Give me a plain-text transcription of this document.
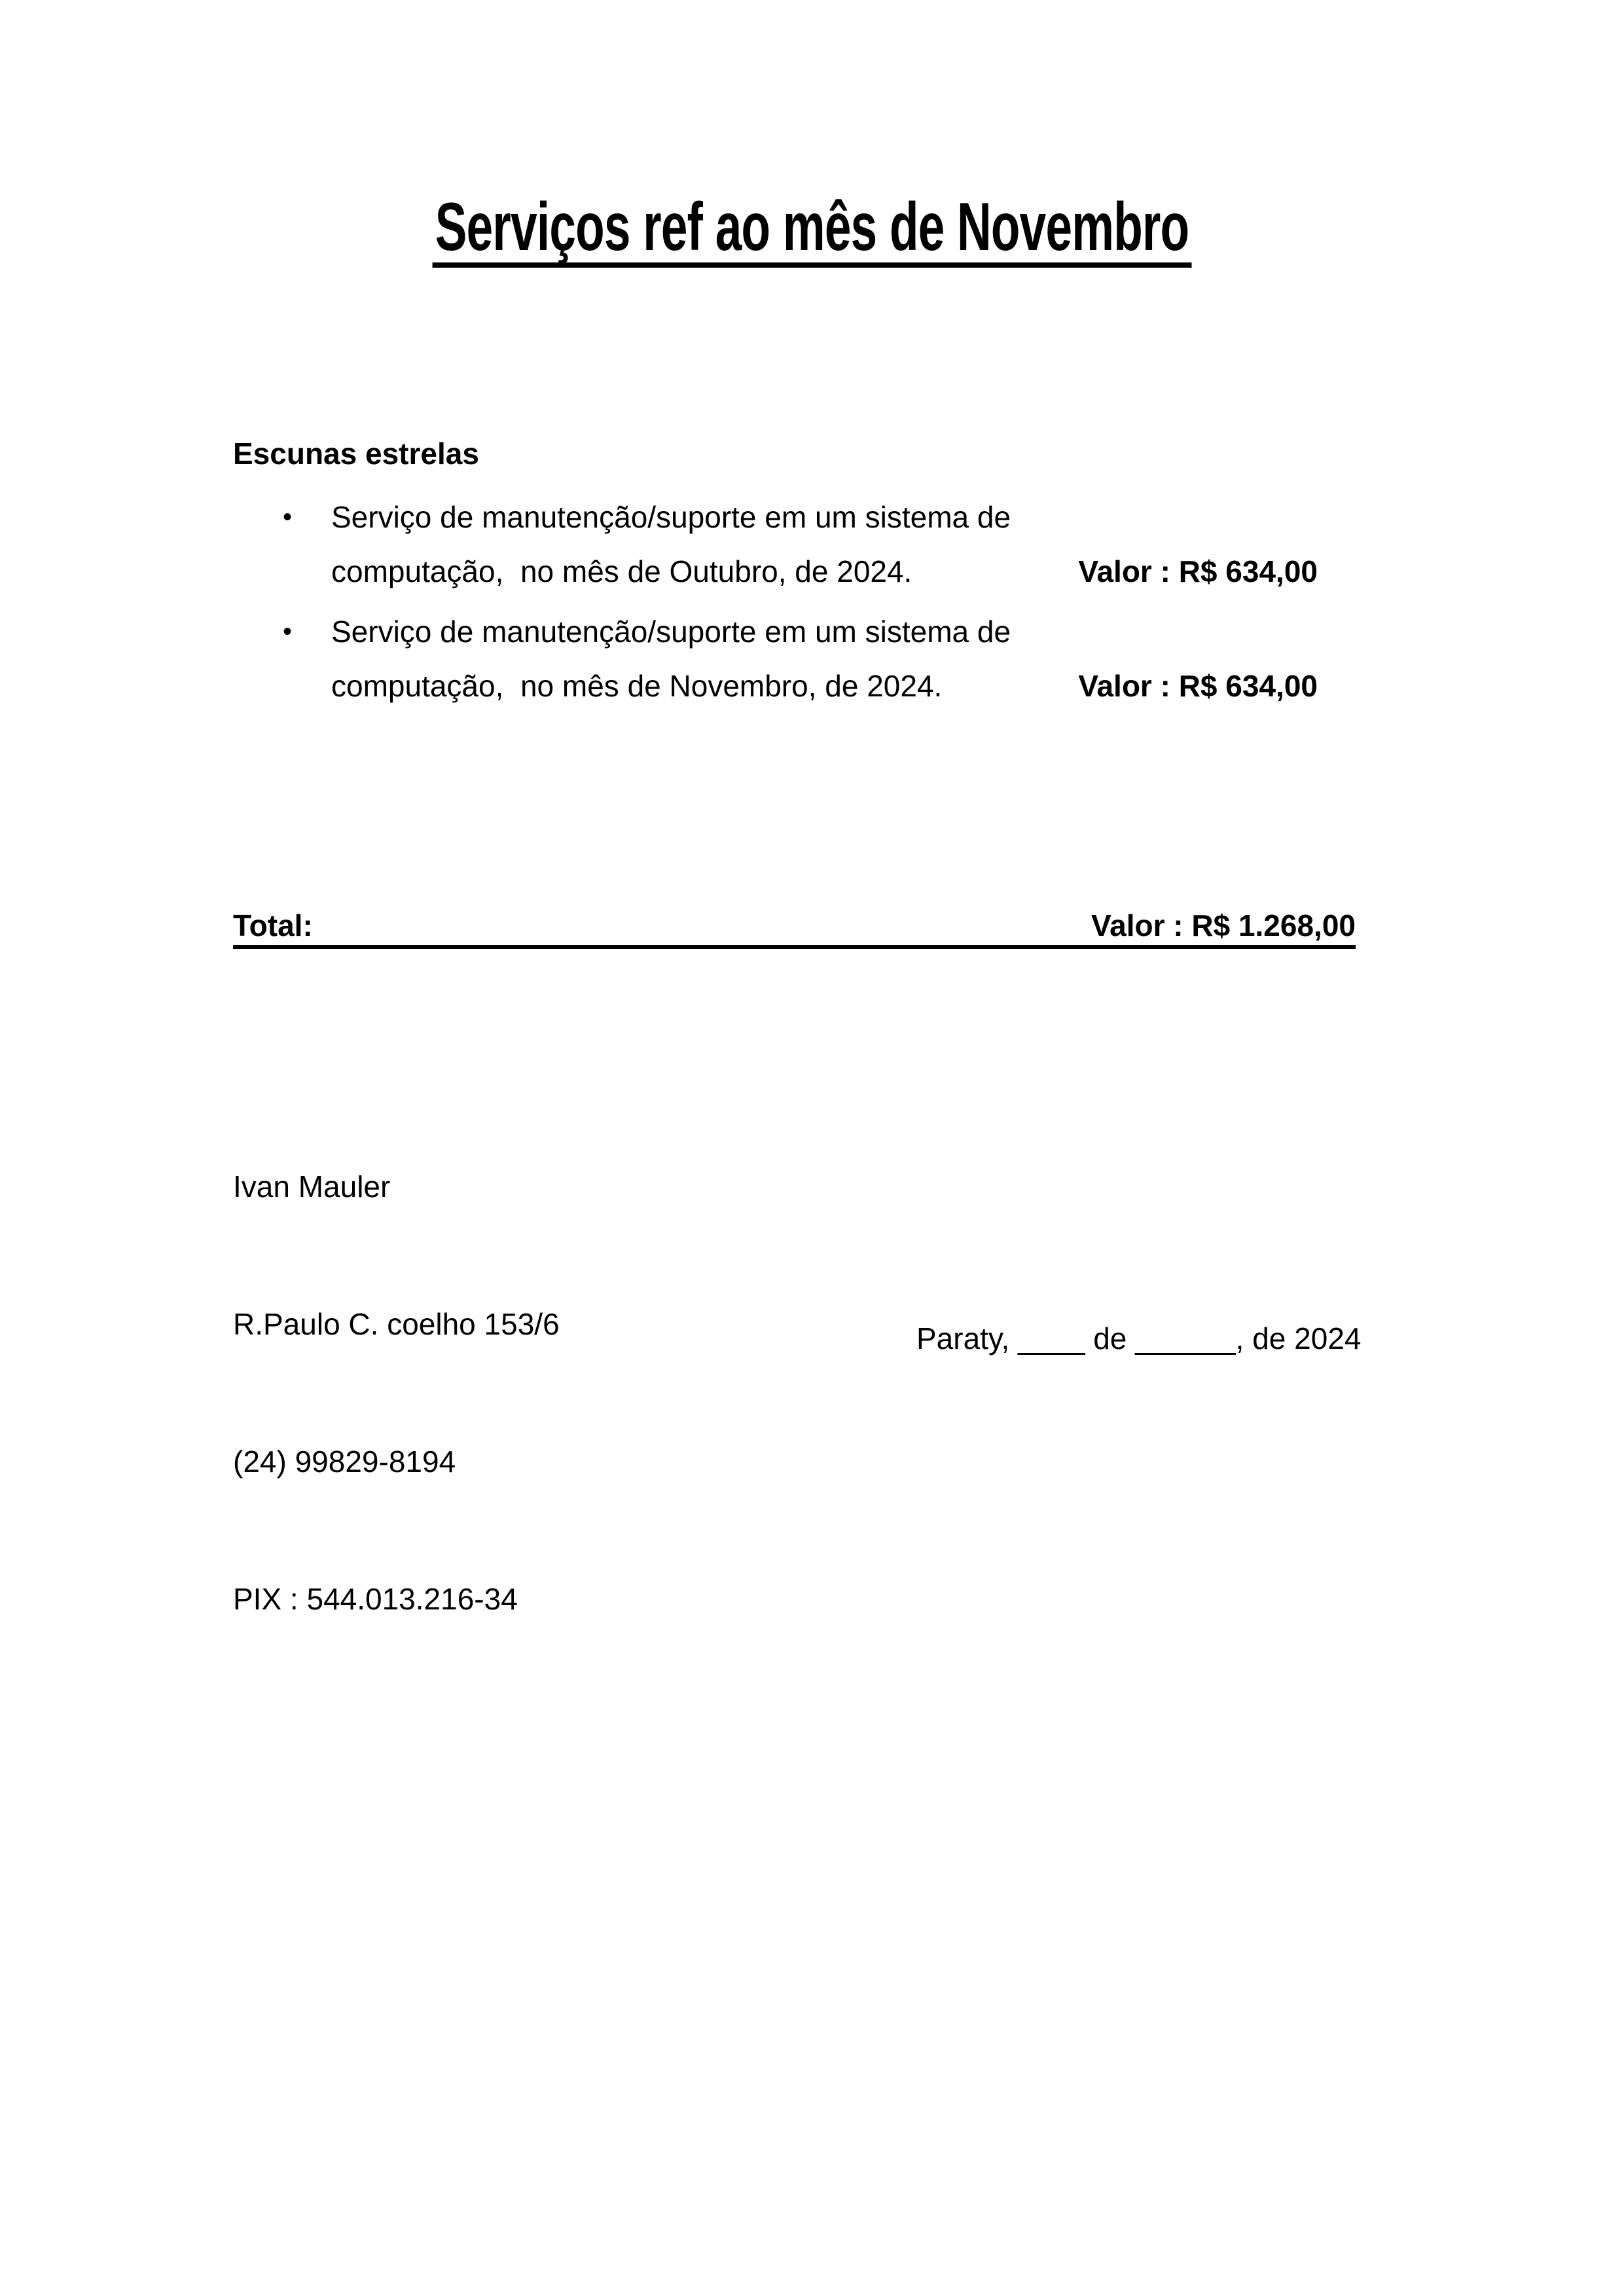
Serviços ref ao mês de Novembro
Escunas estrelas
•	Serviço de manutenção/suporte em um sistema de
computação,  no mês de Outubro, de 2024.	Valor : R$ 634,00
•	Serviço de manutenção/suporte em um sistema de
computação,  no mês de Novembro, de 2024.	Valor : R$ 634,00
Total:	Valor : R$ 1.268,00

Ivan Mauler

R.Paulo C. coelho 153/6

(24) 99829-8194

PIX : 544.013.216-34

Paraty, ____ de ______, de 2024
